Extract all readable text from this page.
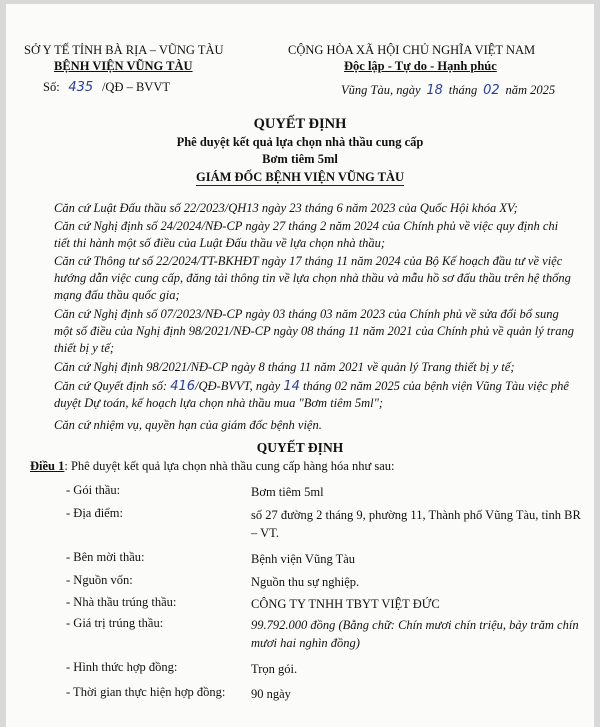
SỞ Y TẾ TỈNH BÀ RỊA – VŨNG TÀU
BỆNH VIỆN VŨNG TÀU
Số: 435 /QĐ – BVVT
CỘNG HÒA XÃ HỘI CHỦ NGHĨA VIỆT NAM
Độc lập - Tự do - Hạnh phúc
Vũng Tàu, ngày 18 tháng 02 năm 2025
QUYẾT ĐỊNH
Phê duyệt kết quả lựa chọn nhà thầu cung cấp
Bơm tiêm 5ml
GIÁM ĐỐC BỆNH VIỆN VŨNG TÀU
Căn cứ Luật Đấu thầu số 22/2023/QH13 ngày 23 tháng 6 năm 2023 của Quốc Hội khóa XV;
Căn cứ Nghị định số 24/2024/NĐ-CP ngày 27 tháng 2 năm 2024 của Chính phủ về việc quy định chi tiết thi hành một số điều của Luật Đấu thầu về lựa chọn nhà thầu;
Căn cứ Thông tư số 22/2024/TT-BKHĐT ngày 17 tháng 11 năm 2024 của Bộ Kế hoạch đầu tư về việc hướng dẫn việc cung cấp, đăng tải thông tin về lựa chọn nhà thầu và mẫu hồ sơ đấu thầu trên hệ thống mạng đấu thầu quốc gia;
Căn cứ Nghị định số 07/2023/NĐ-CP ngày 03 tháng 03 năm 2023 của Chính phủ về sửa đổi bổ sung một số điều của Nghị định 98/2021/NĐ-CP ngày 08 tháng 11 năm 2021 của Chính phủ về quản lý trang thiết bị y tế;
Căn cứ Nghị định 98/2021/NĐ-CP ngày 8 tháng 11 năm 2021 về quản lý Trang thiết bị y tế;
Căn cứ Quyết định số: 416/QĐ-BVVT, ngày 14 tháng 02 năm 2025 của bệnh viện Vũng Tàu việc phê duyệt Dự toán, kế hoạch lựa chọn nhà thầu mua "Bơm tiêm 5ml";
Căn cứ nhiệm vụ, quyền hạn của giám đốc bệnh viện.
QUYẾT ĐỊNH
Điều 1: Phê duyệt kết quả lựa chọn nhà thầu cung cấp hàng hóa như sau:
- Gói thầu:	Bơm tiêm 5ml
- Địa điểm:	số 27 đường 2 tháng 9, phường 11, Thành phố Vũng Tàu, tỉnh BR – VT.
- Bên mời thầu:	Bệnh viện Vũng Tàu
- Nguồn vốn:	Nguồn thu sự nghiệp.
- Nhà thầu trúng thầu:	CÔNG TY TNHH TBYT VIỆT ĐỨC
- Giá trị trúng thầu:	99.792.000 đồng (Bằng chữ: Chín mươi chín triệu, bảy trăm chín mươi hai nghìn đồng)
- Hình thức hợp đồng:	Trọn gói.
- Thời gian thực hiện hợp đồng: 90 ngày
